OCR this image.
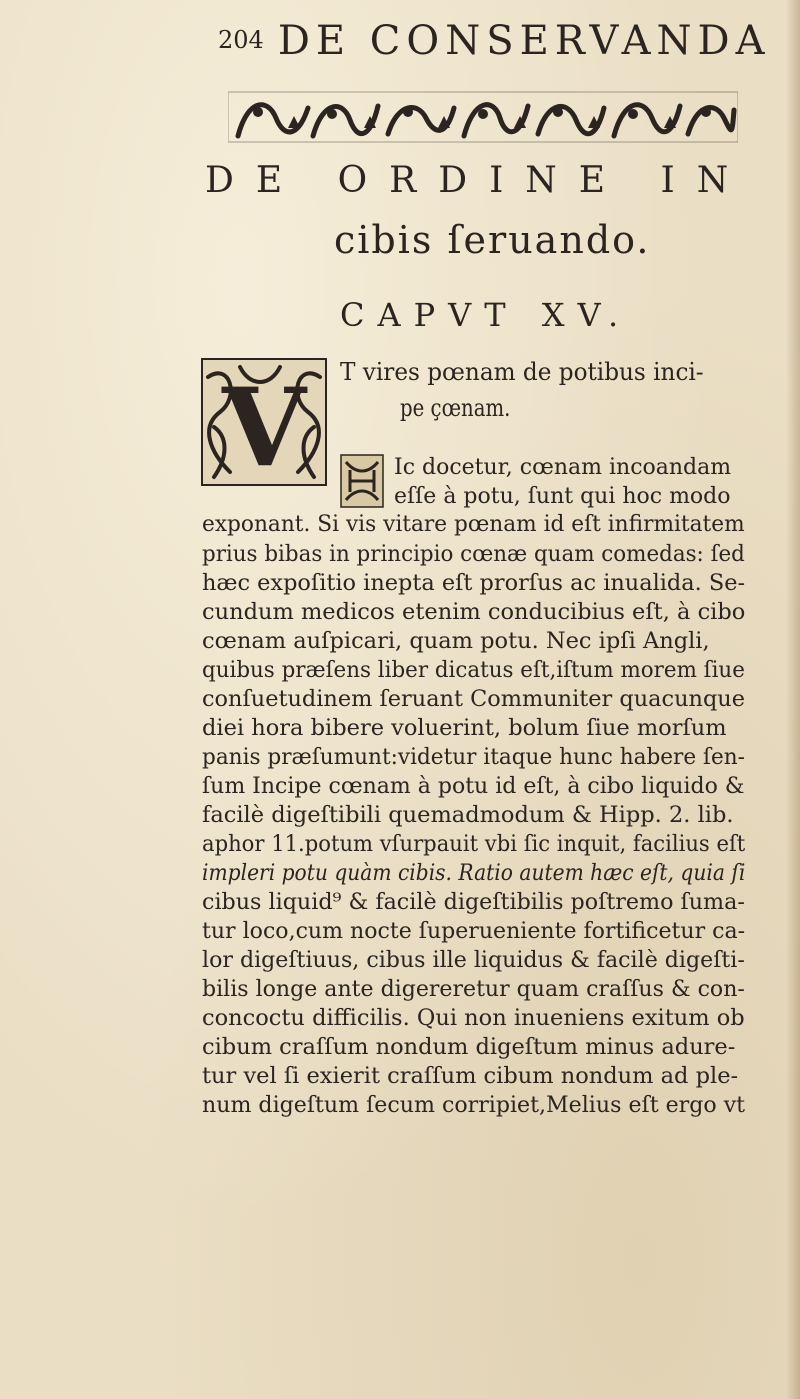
204 DE CONSERVANDA
DE ORDINE IN
cibis ſeruando.
CAPVT XV.
T vires pœnam de potibus inci-
pe çœnam.
V	Ic docetur, cœnam incoandam
eſſe à potu, ſunt qui hoc modo
exponant. Si vis vitare pœnam id eſt infirmitatem
prius bibas in principio cœnæ quam comedas: ſed
hæc expoſitio inepta eſt prorſus ac inualida. Se-
cundum medicos etenim conducibius eſt, à cibo
cœnam auſpicari, quam potu. Nec ipſi Angli,
quibus præſens liber dicatus eſt,iſtum morem ſiue
conſuetudinem ſeruant Communiter quacunque
diei hora bibere voluerint, bolum ſiue morſum
panis præſumunt:videtur itaque hunc habere ſen-
ſum Incipe cœnam à potu id eſt, à cibo liquido &
facilè digeſtibili quemadmodum & Hipp. 2. lib.
aphor 11.potum vſurpauit vbi ſic inquit, facilius eſt
impleri potu quàm cibis. Ratio autem hæc eſt, quia ſi
cibus liquid⁹ & facilè digeſtibilis poſtremo ſuma-
tur loco,cum nocte ſuperueniente fortificetur ca-
lor digeſtiuus, cibus ille liquidus & facilè digeſti-
bilis longe ante digereretur quam craſſus & con-
concoctu difficilis. Qui non inueniens exitum ob
cibum craſſum nondum digeſtum minus adure-
tur vel ſi exierit craſſum cibum nondum ad ple-
num digeſtum ſecum corripiet,Melius eſt ergo vt
